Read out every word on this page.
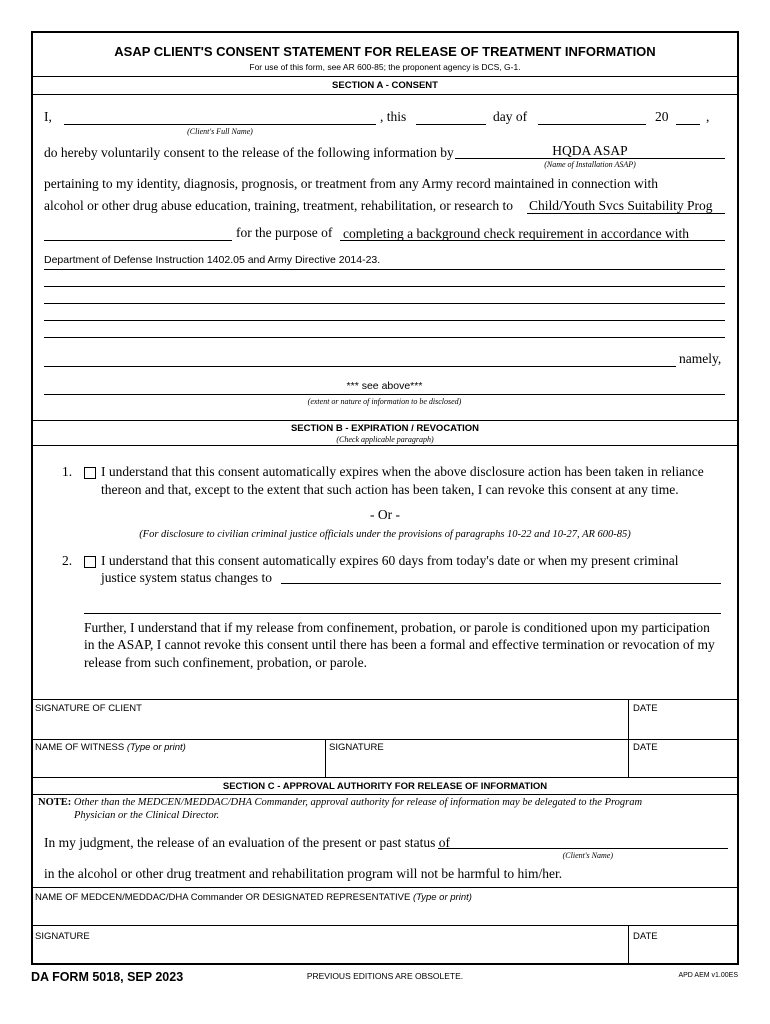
ASAP CLIENT'S CONSENT STATEMENT FOR RELEASE OF TREATMENT INFORMATION
For use of this form, see AR 600-85; the proponent agency is DCS, G-1.
SECTION A - CONSENT
I,	, this	day of	20	,
(Client's Full Name)
do hereby voluntarily consent to the release of the following information by	HQDA ASAP
(Name of Installation ASAP)
pertaining to my identity, diagnosis, prognosis, or treatment from any Army record maintained in connection with
alcohol or other drug abuse education, training, treatment, rehabilitation, or research to Child/Youth Svcs Suitability Prog
for the purpose of completing a background check requirement in accordance with
Department of Defense Instruction 1402.05 and Army Directive 2014-23.
namely,
*** see above***
(extent or nature of information to be disclosed)
SECTION B - EXPIRATION / REVOCATION
(Check applicable paragraph)
1. I understand that this consent automatically expires when the above disclosure action has been taken in reliance
thereon and that, except to the extent that such action has been taken, I can revoke this consent at any time.
- Or -
(For disclosure to civilian criminal justice officials under the provisions of paragraphs 10-22 and 10-27, AR 600-85)
2. I understand that this consent automatically expires 60 days from today's date or when my present criminal
justice system status changes to
Further, I understand that if my release from confinement, probation, or parole is conditioned upon my participation
in the ASAP, I cannot revoke this consent until there has been a formal and effective termination or revocation of my
release from such confinement, probation, or parole.
SIGNATURE OF CLIENT	DATE
NAME OF WITNESS (Type or print)	SIGNATURE	DATE
SECTION C - APPROVAL AUTHORITY FOR RELEASE OF INFORMATION
NOTE: Other than the MEDCEN/MEDDAC/DHA Commander, approval authority for release of information may be delegated to the Program
Physician or the Clinical Director.
In my judgment, the release of an evaluation of the present or past status of
(Client's Name)
in the alcohol or other drug treatment and rehabilitation program will not be harmful to him/her.
NAME OF MEDCEN/MEDDAC/DHA Commander OR DESIGNATED REPRESENTATIVE (Type or print)
SIGNATURE	DATE
DA FORM 5018, SEP 2023	PREVIOUS EDITIONS ARE OBSOLETE.	APD AEM v1.00ES
